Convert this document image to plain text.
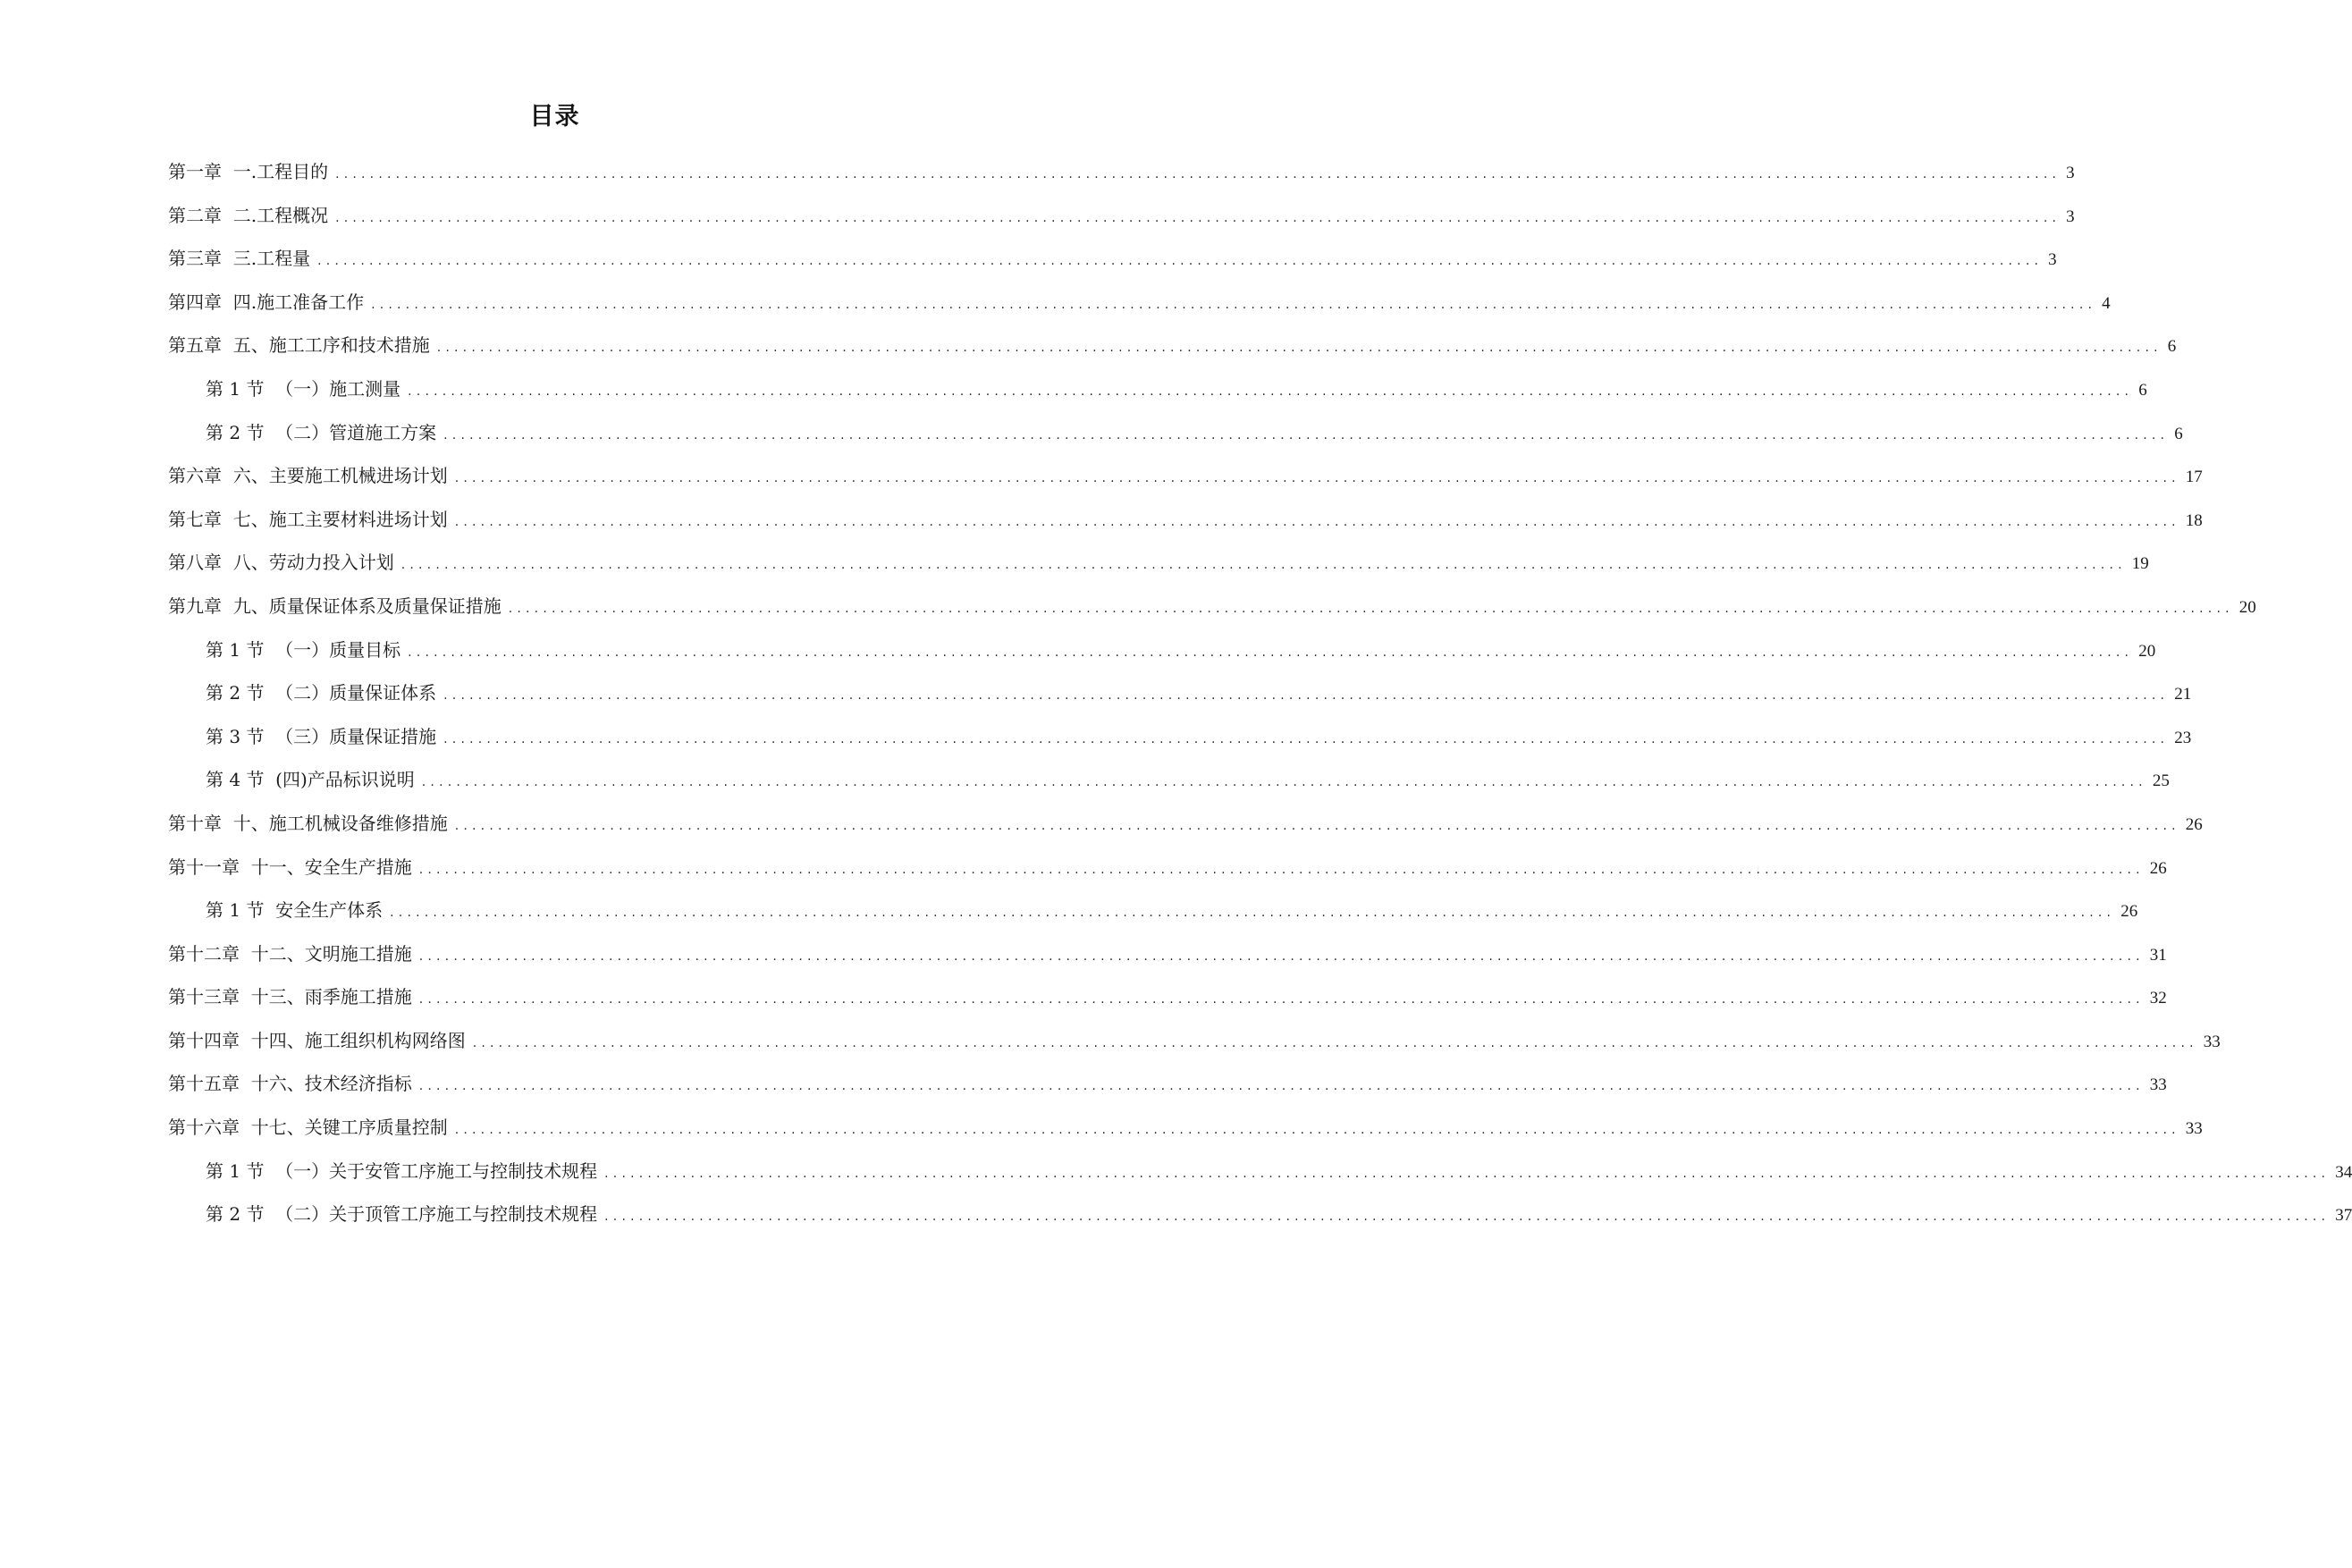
目录
第一章  一.工程目的 ........................................................................................................................................................................................................ 3
第二章  二.工程概况 ........................................................................................................................................................................................................ 3
第三章  三.工程量 ........................................................................................................................................................................................................ 3
第四章  四.施工准备工作 ........................................................................................................................................................................................................ 4
第五章  五、施工工序和技术措施 ........................................................................................................................................................................................................ 6
第 1 节  （一）施工测量 ........................................................................................................................................................................................................ 6
第 2 节  （二）管道施工方案 ........................................................................................................................................................................................................ 6
第六章  六、主要施工机械进场计划 ........................................................................................................................................................................................................ 17
第七章  七、施工主要材料进场计划 ........................................................................................................................................................................................................ 18
第八章  八、劳动力投入计划 ........................................................................................................................................................................................................ 19
第九章  九、质量保证体系及质量保证措施 ........................................................................................................................................................................................................ 20
第 1 节  （一）质量目标 ........................................................................................................................................................................................................ 20
第 2 节  （二）质量保证体系 ........................................................................................................................................................................................................ 21
第 3 节  （三）质量保证措施 ........................................................................................................................................................................................................ 23
第 4 节  (四)产品标识说明 ........................................................................................................................................................................................................ 25
第十章  十、施工机械设备维修措施 ........................................................................................................................................................................................................ 26
第十一章  十一、安全生产措施 ........................................................................................................................................................................................................ 26
第 1 节  安全生产体系 ........................................................................................................................................................................................................ 26
第十二章  十二、文明施工措施 ........................................................................................................................................................................................................ 31
第十三章  十三、雨季施工措施 ........................................................................................................................................................................................................ 32
第十四章  十四、施工组织机构网络图 ........................................................................................................................................................................................................ 33
第十五章  十六、技术经济指标 ........................................................................................................................................................................................................ 33
第十六章  十七、关键工序质量控制 ........................................................................................................................................................................................................ 33
第 1 节  （一）关于安管工序施工与控制技术规程 ........................................................................................................................................................................................................ 34
第 2 节  （二）关于顶管工序施工与控制技术规程 ........................................................................................................................................................................................................ 37
